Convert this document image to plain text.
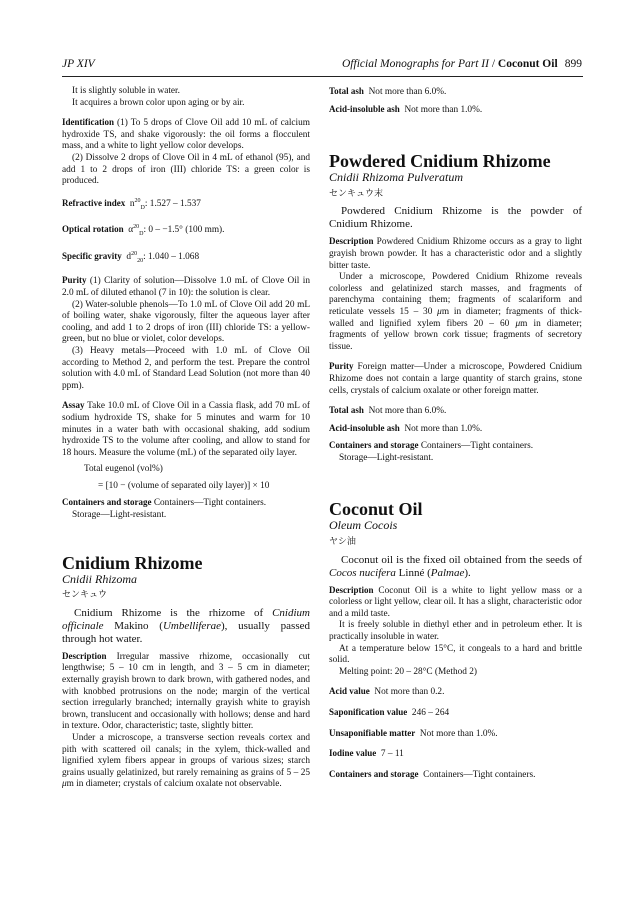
JP XIV	Official Monographs for Part II / Coconut Oil 899

It is slightly soluble in water.

It acquires a brown color upon aging or by air.

Identification (1) To 5 drops of Clove Oil add 10 mL of calcium hydroxide TS, and shake vigorously: the oil forms a flocculent mass, and a white to light yellow color develops.

(2) Dissolve 2 drops of Clove Oil in 4 mL of ethanol (95), and add 1 to 2 drops of iron (III) chloride TS: a green color is produced.

Refractive index $n^{20}_D$: 1.527 – 1.537

Optical rotation $\alpha^{20}_D$: 0 – −1.5° (100 mm).

Specific gravity $d^{20}_{20}$: 1.040 – 1.068

Purity (1) Clarity of solution—Dissolve 1.0 mL of Clove Oil in 2.0 mL of diluted ethanol (7 in 10): the solution is clear.

(2) Water-soluble phenols—To 1.0 mL of Clove Oil add 20 mL of boiling water, shake vigorously, filter the aqueous layer after cooling, and add 1 to 2 drops of iron (III) chloride TS: a yellow-green, but no blue or violet, color develops.

(3) Heavy metals—Proceed with 1.0 mL of Clove Oil according to Method 2, and perform the test. Prepare the control solution with 4.0 mL of Standard Lead Solution (not more than 40 ppm).

Assay Take 10.0 mL of Clove Oil in a Cassia flask, add 70 mL of sodium hydroxide TS, shake for 5 minutes and warm for 10 minutes in a water bath with occasional shaking, add sodium hydroxide TS to the volume after cooling, and allow to stand for 18 hours. Measure the volume (mL) of the separated oily layer.

Total eugenol (vol%)

= [10 − (volume of separated oily layer)] × 10

Containers and storage Containers—Tight containers.

Storage—Light-resistant.

Cnidium Rhizome

Cnidii Rhizoma

センキュウ

Cnidium Rhizome is the rhizome of Cnidium officinale Makino (Umbelliferae), usually passed through hot water.

Description Irregular massive rhizome, occasionally cut lengthwise; 5 – 10 cm in length, and 3 – 5 cm in diameter; externally grayish brown to dark brown, with gathered nodes, and with knobbed protrusions on the node; margin of the vertical section irregularly branched; internally grayish white to grayish brown, translucent and occasionally with hollows; dense and hard in texture. Odor, characteristic; taste, slightly bitter.

Under a microscope, a transverse section reveals cortex and pith with scattered oil canals; in the xylem, thick-walled and lignified xylem fibers appear in groups of various sizes; starch grains usually gelatinized, but rarely remaining as grains of 5 – 25 μm in diameter; crystals of calcium oxalate not observable.

Total ash Not more than 6.0%.

Acid-insoluble ash Not more than 1.0%.

Powdered Cnidium Rhizome

Cnidii Rhizoma Pulveratum

センキュウ末

Powdered Cnidium Rhizome is the powder of Cnidium Rhizome.

Description Powdered Cnidium Rhizome occurs as a gray to light grayish brown powder. It has a characteristic odor and a slightly bitter taste.

Under a microscope, Powdered Cnidium Rhizome reveals colorless and gelatinized starch masses, and fragments of parenchyma containing them; fragments of scalariform and reticulate vessels 15 – 30 μm in diameter; fragments of thick-walled and lignified xylem fibers 20 – 60 μm in diameter; fragments of yellow brown cork tissue; fragments of secretory tissue.

Purity Foreign matter—Under a microscope, Powdered Cnidium Rhizome does not contain a large quantity of starch grains, stone cells, crystals of calcium oxalate or other foreign matter.

Total ash Not more than 6.0%.

Acid-insoluble ash Not more than 1.0%.

Containers and storage Containers—Tight containers.

Storage—Light-resistant.

Coconut Oil

Oleum Cocois

ヤシ油

Coconut oil is the fixed oil obtained from the seeds of Cocos nucifera Linné (Palmae).

Description Coconut Oil is a white to light yellow mass or a colorless or light yellow, clear oil. It has a slight, characteristic odor and a mild taste.

It is freely soluble in diethyl ether and in petroleum ether. It is practically insoluble in water.

At a temperature below 15°C, it congeals to a hard and brittle solid.

Melting point: 20 – 28°C (Method 2)

Acid value Not more than 0.2.

Saponification value 246 – 264

Unsaponifiable matter Not more than 1.0%.

Iodine value 7 – 11

Containers and storage Containers—Tight containers.
